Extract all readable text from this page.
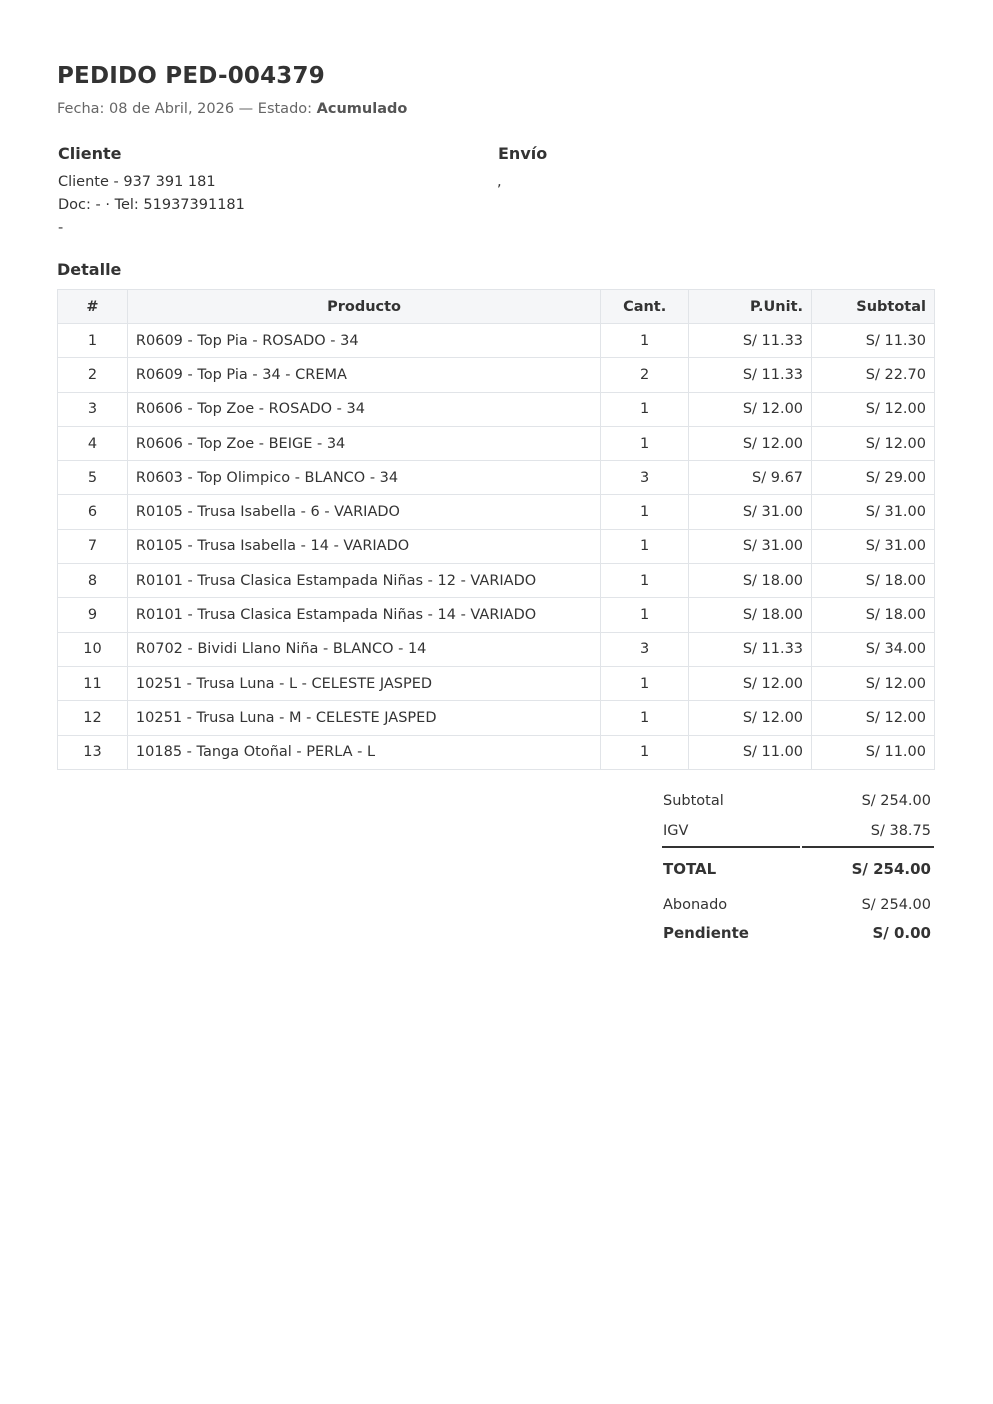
PEDIDO PED-004379
Fecha: 08 de Abril, 2026 — Estado: Acumulado
Cliente
Cliente - 937 391 181
Doc: - · Tel: 51937391181
-
Envío
,
Detalle
#	Producto	Cant.	P.Unit.	Subtotal
1	R0609 - Top Pia - ROSADO - 34	1	S/ 11.33	S/ 11.30
2	R0609 - Top Pia - 34 - CREMA	2	S/ 11.33	S/ 22.70
3	R0606 - Top Zoe - ROSADO - 34	1	S/ 12.00	S/ 12.00
4	R0606 - Top Zoe - BEIGE - 34	1	S/ 12.00	S/ 12.00
5	R0603 - Top Olimpico - BLANCO - 34	3	S/ 9.67	S/ 29.00
6	R0105 - Trusa Isabella - 6 - VARIADO	1	S/ 31.00	S/ 31.00
7	R0105 - Trusa Isabella - 14 - VARIADO	1	S/ 31.00	S/ 31.00
8	R0101 - Trusa Clasica Estampada Niñas - 12 - VARIADO	1	S/ 18.00	S/ 18.00
9	R0101 - Trusa Clasica Estampada Niñas - 14 - VARIADO	1	S/ 18.00	S/ 18.00
10	R0702 - Bividi Llano Niña - BLANCO - 14	3	S/ 11.33	S/ 34.00
11	10251 - Trusa Luna - L - CELESTE JASPED	1	S/ 12.00	S/ 12.00
12	10251 - Trusa Luna - M - CELESTE JASPED	1	S/ 12.00	S/ 12.00
13	10185 - Tanga Otoñal - PERLA - L	1	S/ 11.00	S/ 11.00
Subtotal	S/ 254.00
IGV	S/ 38.75
TOTAL	S/ 254.00
Abonado	S/ 254.00
Pendiente	S/ 0.00
